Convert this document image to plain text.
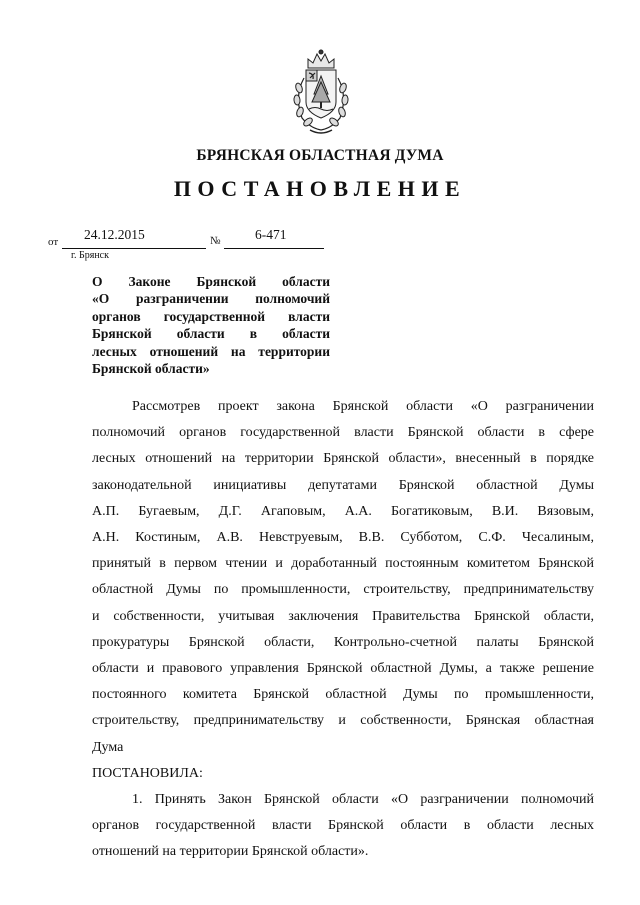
БРЯНСКАЯ ОБЛАСТНАЯ ДУМА
ПОСТАНОВЛЕНИЕ
от 24.12.2015	№	6-471
г. Брянск
О Законе Брянской области
«О разграничении полномочий
органов государственной власти
Брянской области в области
лесных отношений на территории
Брянской области»

Рассмотрев проект закона Брянской области «О разграничении

полномочий органов государственной власти Брянской области в сфере

лесных отношений на территории Брянской области», внесенный в порядке

законодательной инициативы депутатами Брянской областной Думы

А.П. Бугаевым, Д.Г. Агаповым, А.А. Богатиковым, В.И. Вязовым,

А.Н. Костиным, А.В. Невструевым, В.В. Субботом, С.Ф. Чесалиным,

принятый в первом чтении и доработанный постоянным комитетом Брянской

областной Думы по промышленности, строительству, предпринимательству

и собственности, учитывая заключения Правительства Брянской области,

прокуратуры Брянской области, Контрольно-счетной палаты Брянской

области и правового управления Брянской областной Думы, а также решение

постоянного комитета Брянской областной Думы по промышленности,

строительству, предпринимательству и собственности, Брянская областная

Дума

ПОСТАНОВИЛА:

1. Принять Закон Брянской области «О разграничении полномочий

органов государственной власти Брянской области в области лесных

отношений на территории Брянской области».
